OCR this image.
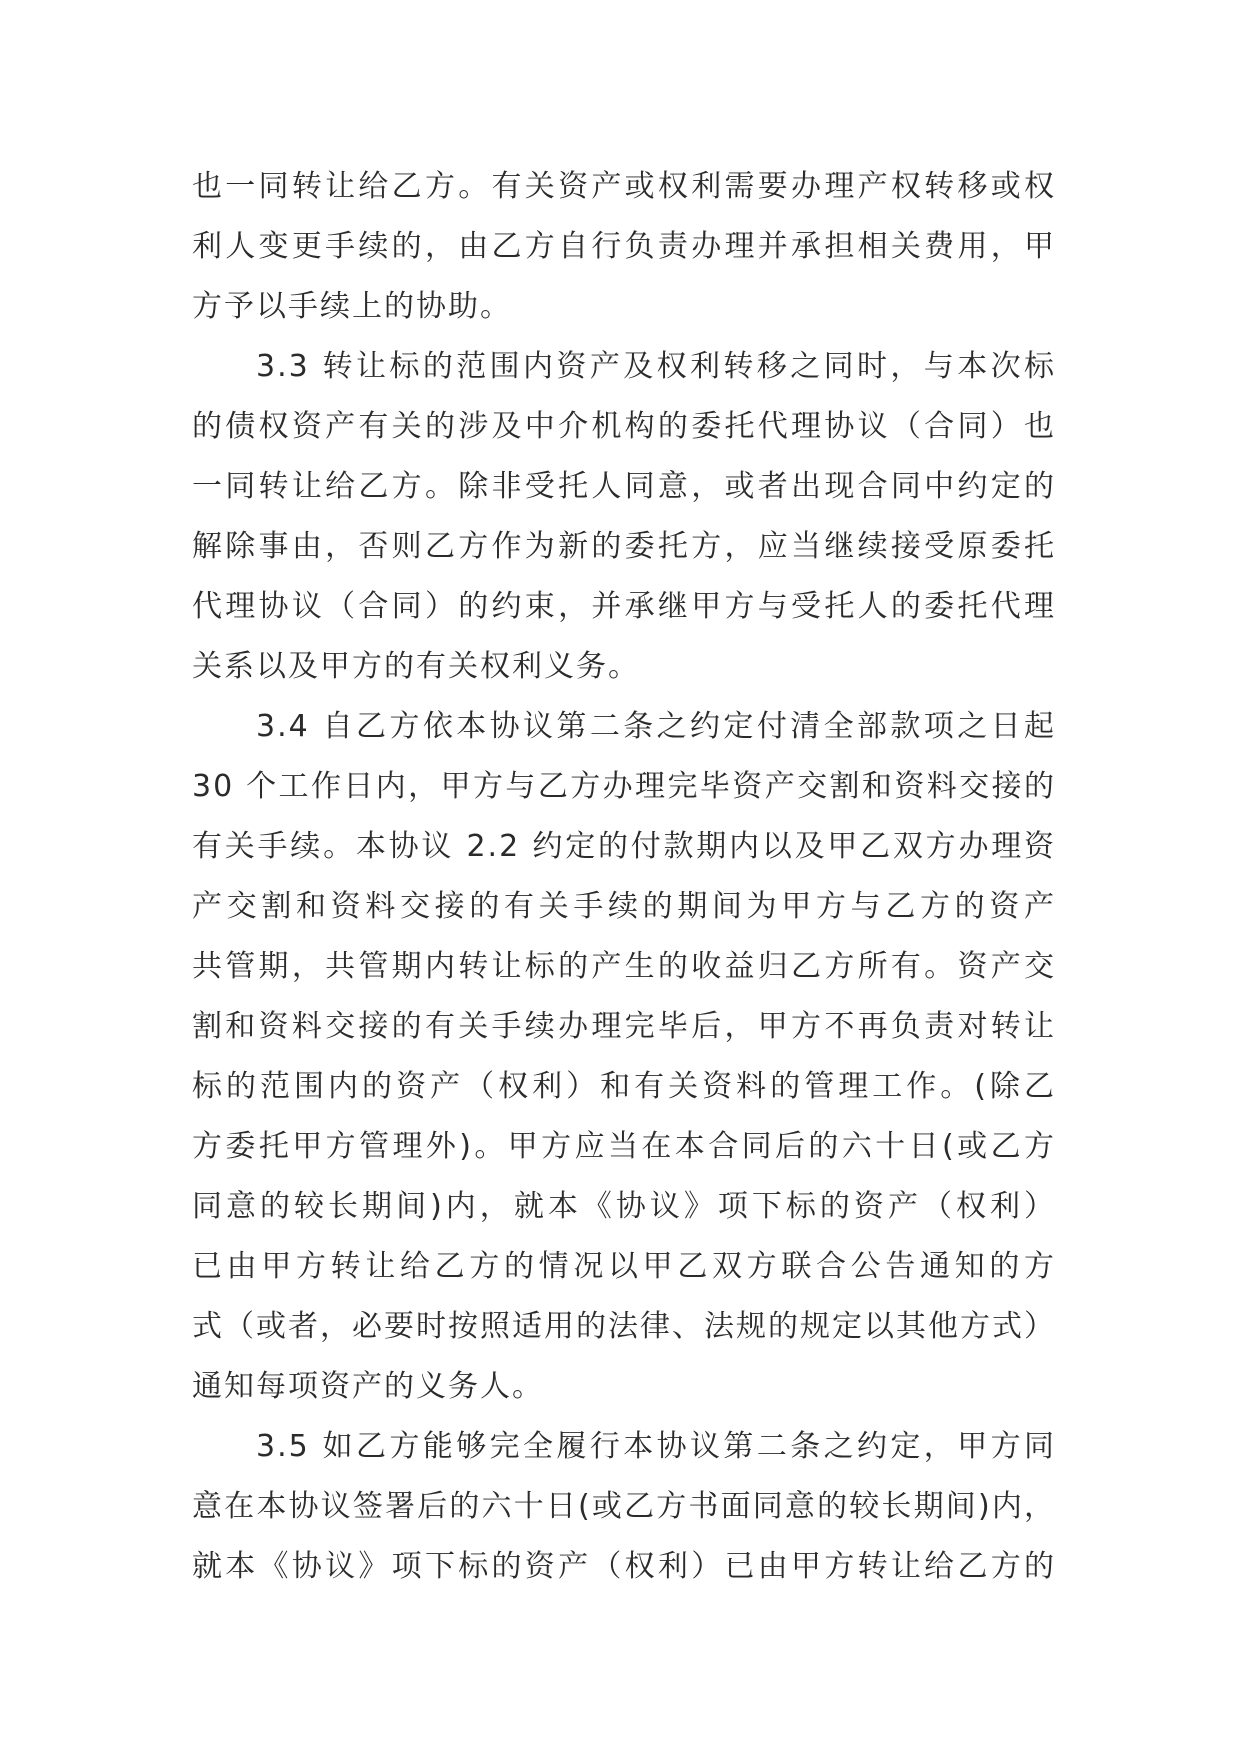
也一同转让给乙方。有关资产或权利需要办理产权转移或权
利人变更手续的，由乙方自行负责办理并承担相关费用，甲
方予以手续上的协助。
3.3 转让标的范围内资产及权利转移之同时，与本次标
的债权资产有关的涉及中介机构的委托代理协议（合同）也
一同转让给乙方。除非受托人同意，或者出现合同中约定的
解除事由，否则乙方作为新的委托方，应当继续接受原委托
代理协议（合同）的约束，并承继甲方与受托人的委托代理
关系以及甲方的有关权利义务。
3.4 自乙方依本协议第二条之约定付清全部款项之日起
30 个工作日内，甲方与乙方办理完毕资产交割和资料交接的
有关手续。本协议 2.2 约定的付款期内以及甲乙双方办理资
产交割和资料交接的有关手续的期间为甲方与乙方的资产
共管期，共管期内转让标的产生的收益归乙方所有。资产交
割和资料交接的有关手续办理完毕后，甲方不再负责对转让
标的范围内的资产（权利）和有关资料的管理工作。(除乙
方委托甲方管理外)。甲方应当在本合同后的六十日(或乙方
同意的较长期间)内，就本《协议》项下标的资产（权利）
已由甲方转让给乙方的情况以甲乙双方联合公告通知的方
式（或者，必要时按照适用的法律、法规的规定以其他方式）
通知每项资产的义务人。
3.5 如乙方能够完全履行本协议第二条之约定，甲方同
意在本协议签署后的六十日(或乙方书面同意的较长期间)内，
就本《协议》项下标的资产（权利）已由甲方转让给乙方的
